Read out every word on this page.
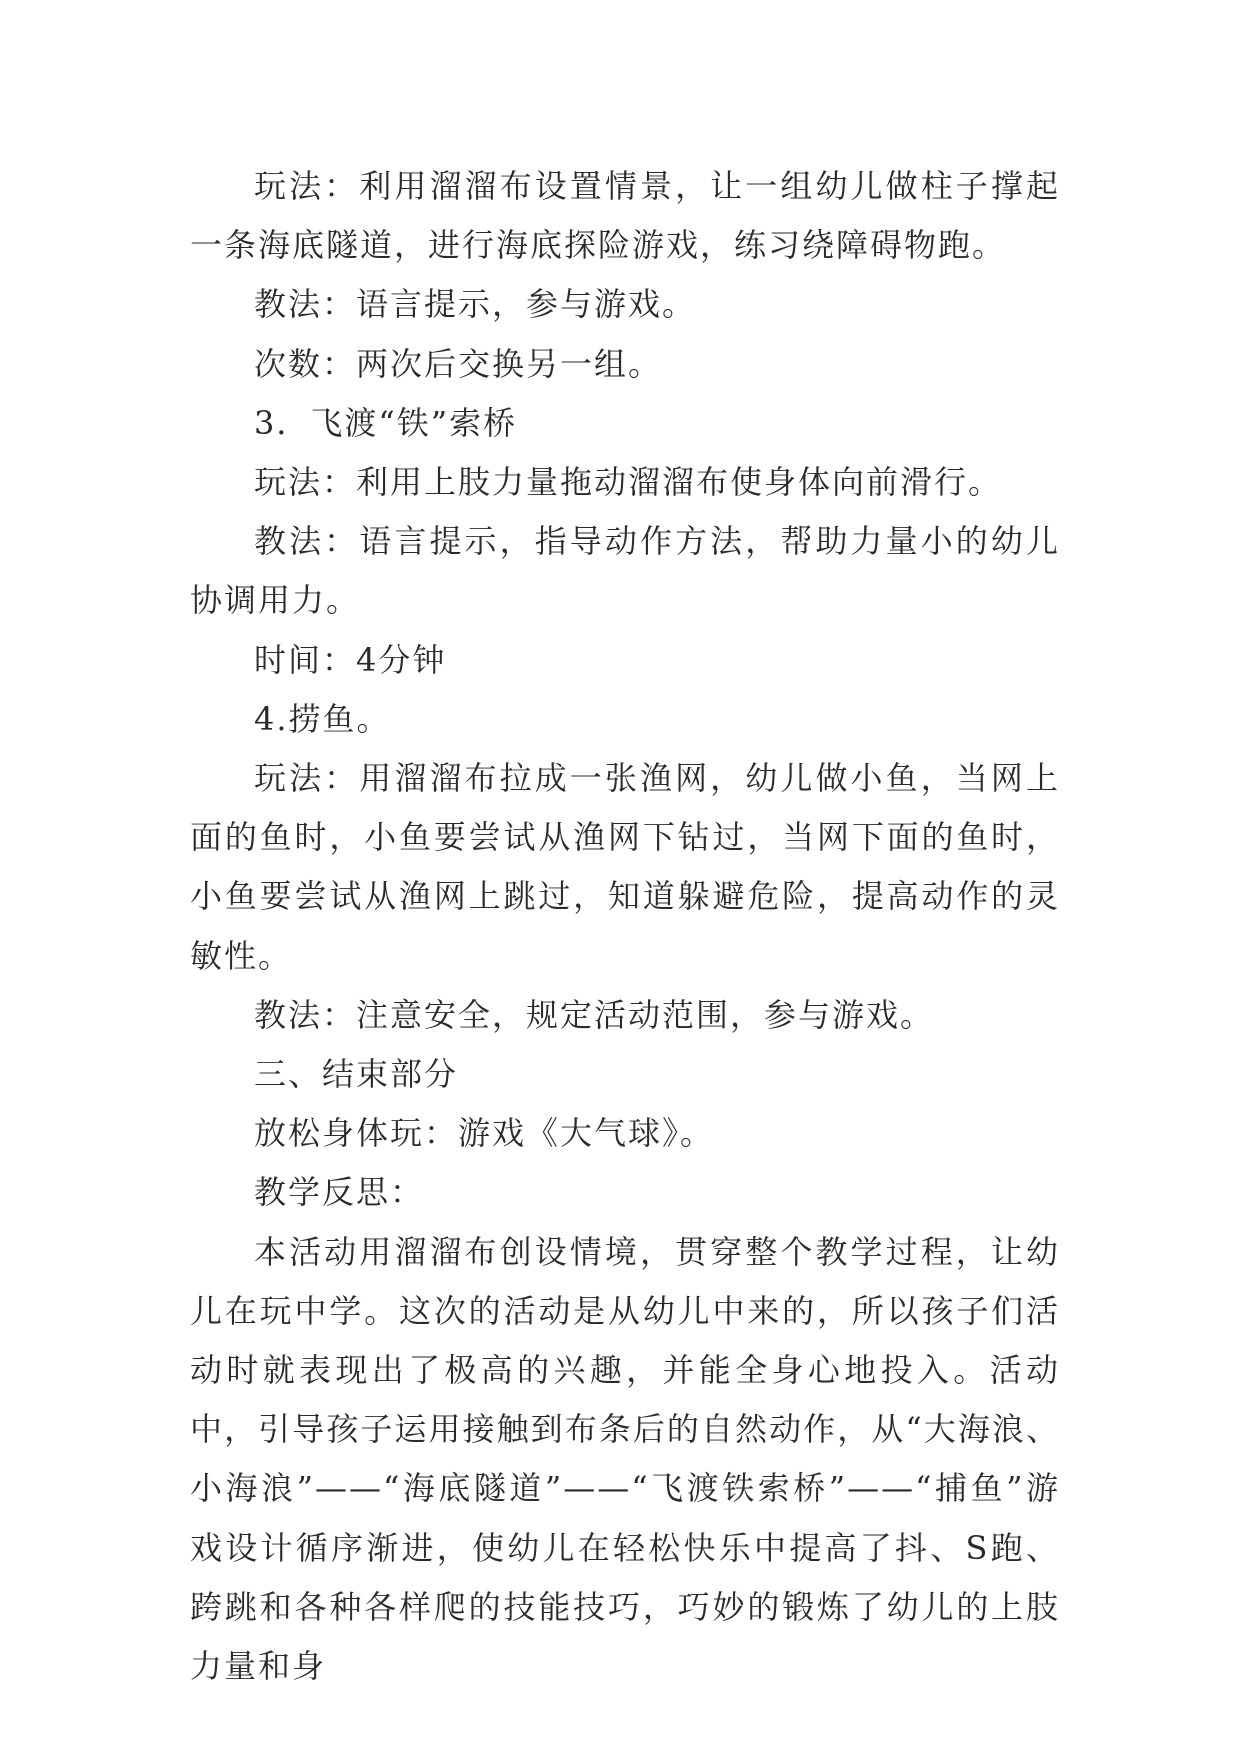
玩法：利用溜溜布设置情景，让一组幼儿做柱子撑起一条海底隧道，进行海底探险游戏，练习绕障碍物跑。

教法：语言提示，参与游戏。

次数：两次后交换另一组。

3．飞渡“铁”索桥

玩法：利用上肢力量拖动溜溜布使身体向前滑行。

教法：语言提示，指导动作方法，帮助力量小的幼儿协调用力。

时间：4分钟

4.捞鱼。

玩法：用溜溜布拉成一张渔网，幼儿做小鱼，当网上面的鱼时，小鱼要尝试从渔网下钻过，当网下面的鱼时，小鱼要尝试从渔网上跳过，知道躲避危险，提高动作的灵敏性。

教法：注意安全，规定活动范围，参与游戏。

三、结束部分

放松身体玩：游戏《大气球》。

教学反思：

本活动用溜溜布创设情境，贯穿整个教学过程，让幼儿在玩中学。这次的活动是从幼儿中来的，所以孩子们活动时就表现出了极高的兴趣，并能全身心地投入。活动中，引导孩子运用接触到布条后的自然动作，从“大海浪、小海浪”——“海底隧道”——“飞渡铁索桥”——“捕鱼”游戏设计循序渐进，使幼儿在轻松快乐中提高了抖、S跑、跨跳和各种各样爬的技能技巧，巧妙的锻炼了幼儿的上肢力量和身
